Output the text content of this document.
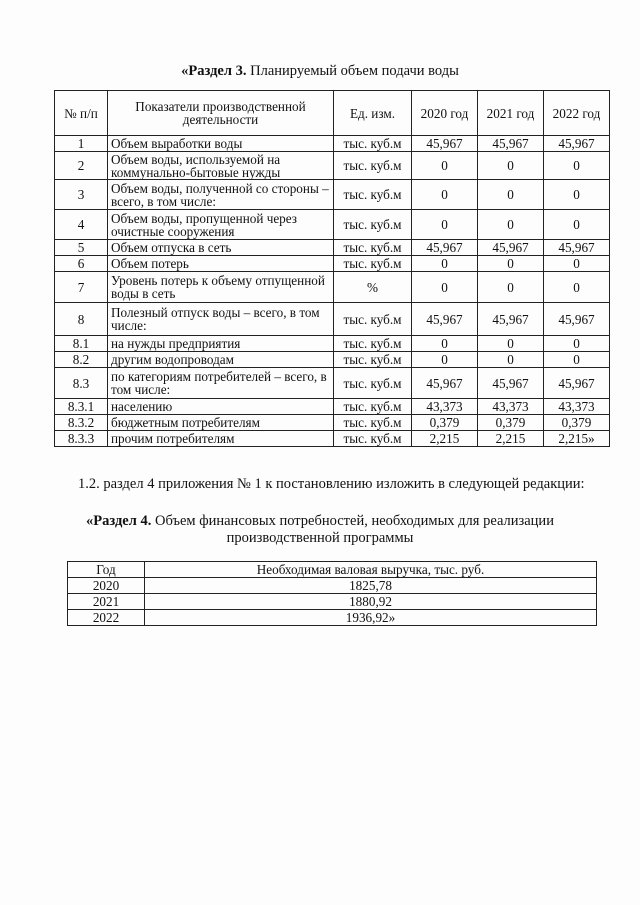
«Раздел 3. Планируемый объем подачи воды
№ п/п	Показатели производственной деятельности	Ед. изм.	2020 год	2021 год	2022 год
1	Объем выработки воды	тыс. куб.м	45,967	45,967	45,967
2	Объем воды, используемой на коммунально-бытовые нужды	тыс. куб.м	0	0	0
3	Объем воды, полученной со стороны – всего, в том числе:	тыс. куб.м	0	0	0
4	Объем воды, пропущенной через очистные сооружения	тыс. куб.м	0	0	0
5	Объем отпуска в сеть	тыс. куб.м	45,967	45,967	45,967
6	Объем потерь	тыс. куб.м	0	0	0
7	Уровень потерь к объему отпущенной воды в сеть	%	0	0	0
8	Полезный отпуск воды – всего, в том числе:	тыс. куб.м	45,967	45,967	45,967
8.1	на нужды предприятия	тыс. куб.м	0	0	0
8.2	другим водопроводам	тыс. куб.м	0	0	0
8.3	по категориям потребителей – всего, в том числе:	тыс. куб.м	45,967	45,967	45,967
8.3.1	населению	тыс. куб.м	43,373	43,373	43,373
8.3.2	бюджетным потребителям	тыс. куб.м	0,379	0,379	0,379
8.3.3	прочим потребителям	тыс. куб.м	2,215	2,215	2,215»
1.2. раздел 4 приложения № 1 к постановлению изложить в следующей редакции:
«Раздел 4. Объем финансовых потребностей, необходимых для реализации
производственной программы
Год	Необходимая валовая выручка, тыс. руб.
2020	1825,78
2021	1880,92
2022	1936,92»
